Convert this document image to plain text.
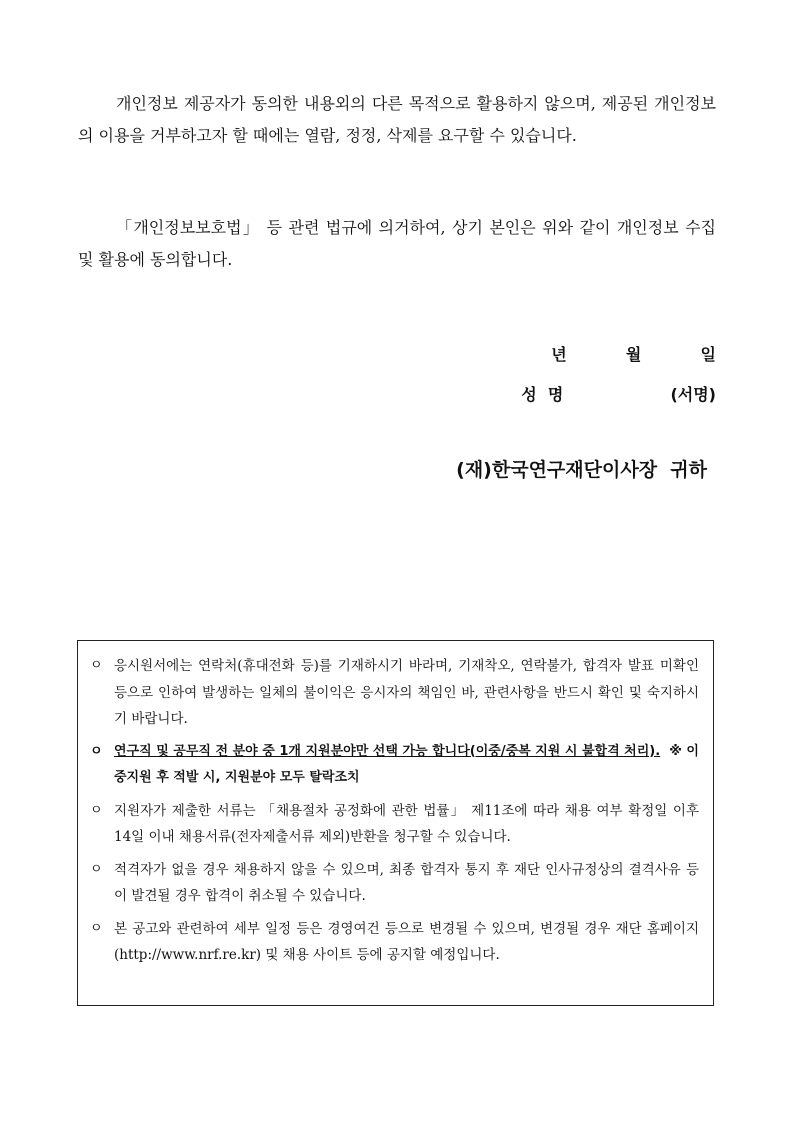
개인정보 제공자가 동의한 내용외의 다른 목적으로 활용하지 않으며, 제공된 개인정보의 이용을 거부하고자 할 때에는 열람, 정정, 삭제를 요구할 수 있습니다.

「개인정보보호법」 등 관련 법규에 의거하여, 상기 본인은 위와 같이 개인정보 수집 및 활용에 동의합니다.

년	월	일
성  명	(서명)
(재)한국연구재단이사장  귀하
ㅇ 응시원서에는 연락처(휴대전화 등)를 기재하시기 바라며, 기재착오, 연락불가, 합격자 발표 미확인 등으로 인하여 발생하는 일체의 불이익은 응시자의 책임인 바, 관련사항을 반드시 확인 및 숙지하시기 바랍니다.
ㅇ 연구직 및 공무직 전 분야 중 1개 지원분야만 선택 가능 합니다(이중/중복 지원 시 불합격 처리). ※ 이중지원 후 적발 시, 지원분야 모두 탈락조치
ㅇ 지원자가 제출한 서류는 「채용절차 공정화에 관한 법률」 제11조에 따라 채용 여부 확정일 이후 14일 이내 채용서류(전자제출서류 제외)반환을 청구할 수 있습니다.
ㅇ 적격자가 없을 경우 채용하지 않을 수 있으며, 최종 합격자 통지 후 재단 인사규정상의 결격사유 등이 발견될 경우 합격이 취소될 수 있습니다.
ㅇ 본 공고와 관련하여 세부 일정 등은 경영여건 등으로 변경될 수 있으며, 변경될 경우 재단 홈페이지(http://www.nrf.re.kr) 및 채용 사이트 등에 공지할 예정입니다.
